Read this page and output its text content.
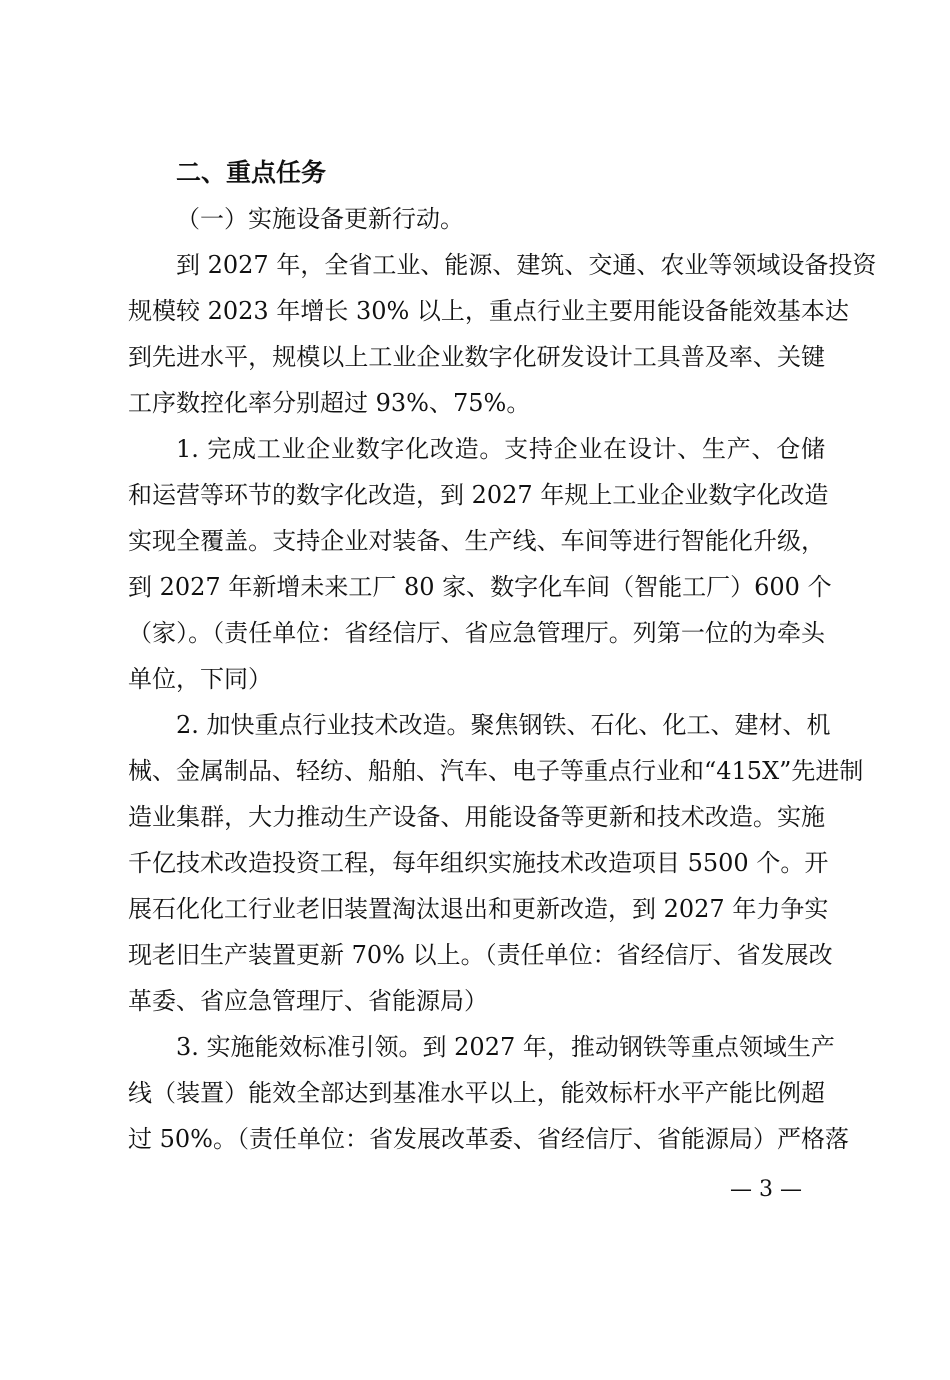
二、重点任务

（一）实施设备更新行动。

到 2027 年，全省工业、能源、建筑、交通、农业等领域设备投资
规模较 2023 年增长 30% 以上，重点行业主要用能设备能效基本达
到先进水平，规模以上工业企业数字化研发设计工具普及率、关键
工序数控化率分别超过 93%、75%。
1. 完成工业企业数字化改造。支持企业在设计、生产、仓储
和运营等环节的数字化改造，到 2027 年规上工业企业数字化改造
实现全覆盖。支持企业对装备、生产线、车间等进行智能化升级，
到 2027 年新增未来工厂 80 家、数字化车间（智能工厂）600 个
（家）。（责任单位：省经信厅、省应急管理厅。列第一位的为牵头
单位，下同）
2. 加快重点行业技术改造。聚焦钢铁、石化、化工、建材、机
械、金属制品、轻纺、船舶、汽车、电子等重点行业和“415X”先进制
造业集群，大力推动生产设备、用能设备等更新和技术改造。实施
千亿技术改造投资工程，每年组织实施技术改造项目 5500 个。开
展石化化工行业老旧装置淘汰退出和更新改造，到 2027 年力争实
现老旧生产装置更新 70% 以上。（责任单位：省经信厅、省发展改
革委、省应急管理厅、省能源局）
3. 实施能效标准引领。到 2027 年，推动钢铁等重点领域生产
线（装置）能效全部达到基准水平以上，能效标杆水平产能比例超
过 50%。（责任单位：省发展改革委、省经信厅、省能源局）严格落
— 3 —
